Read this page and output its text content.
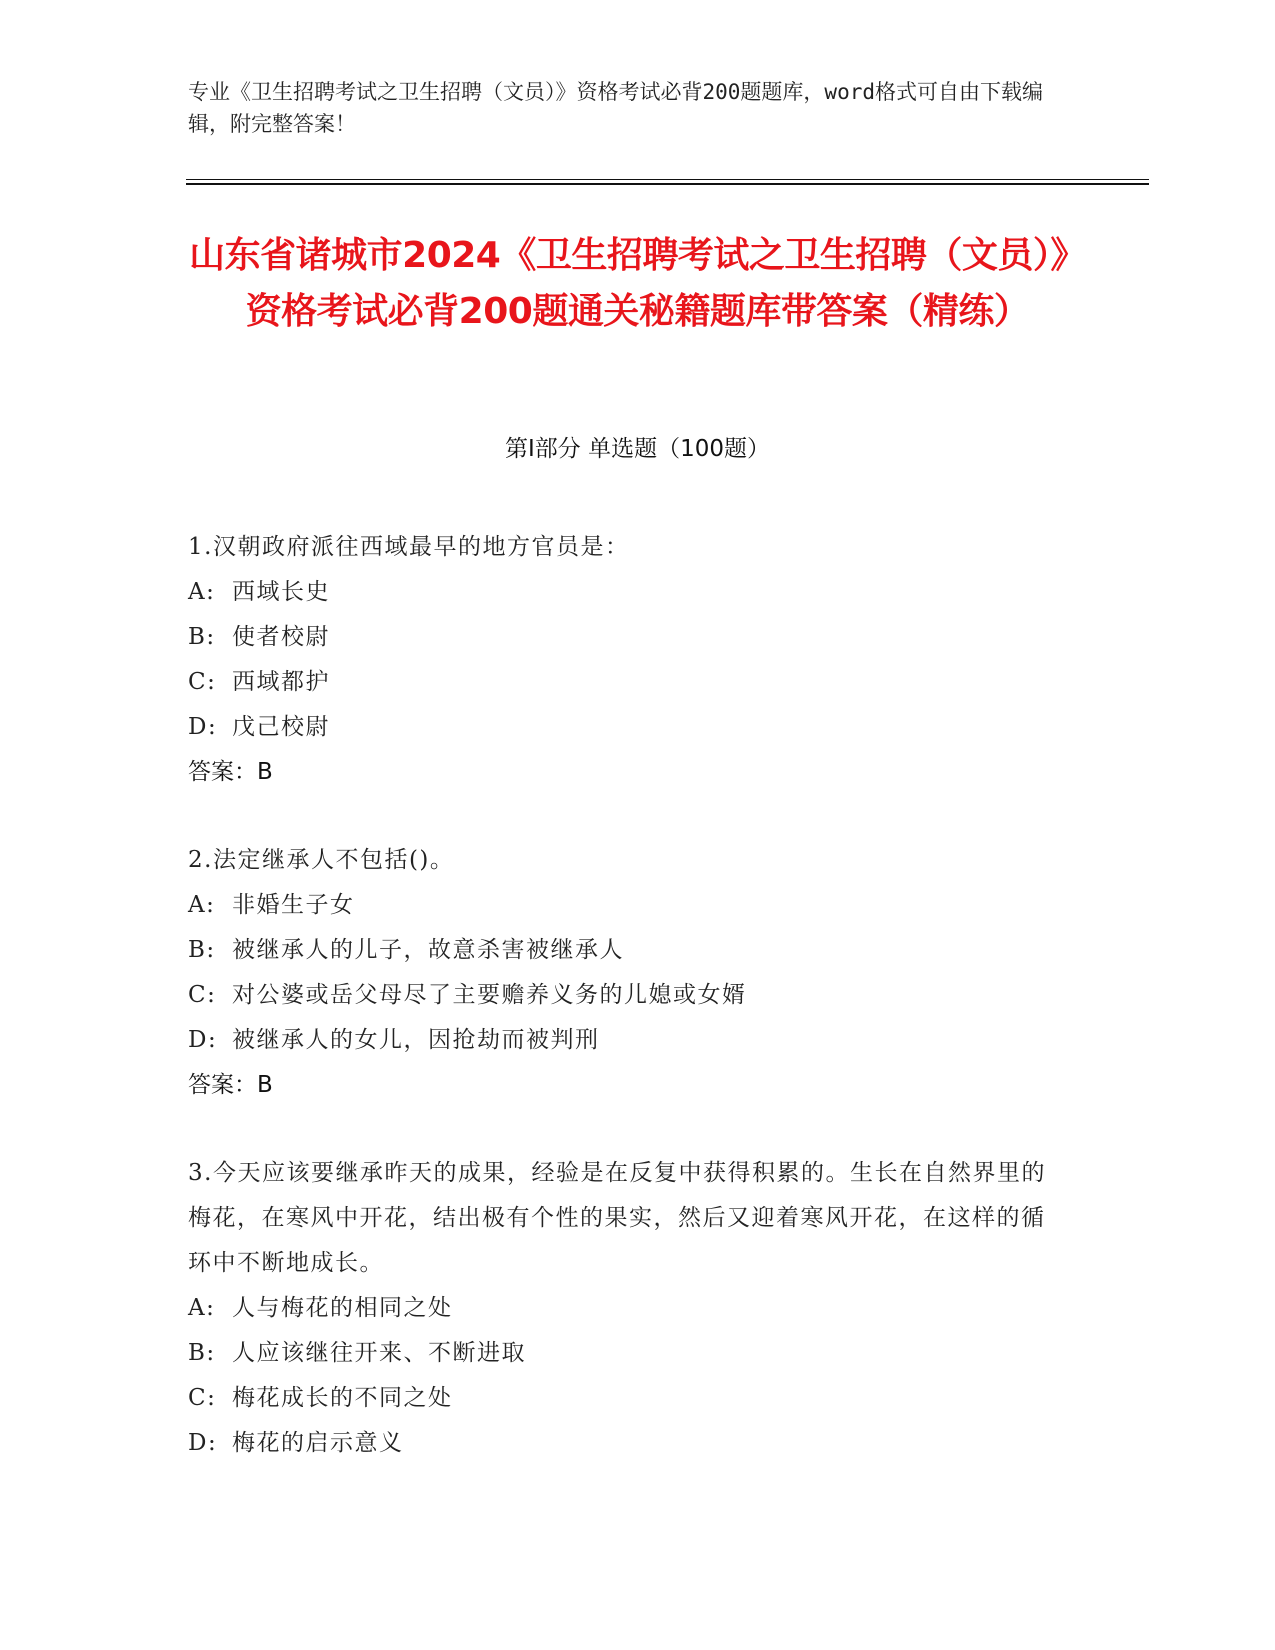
专业《卫生招聘考试之卫生招聘（文员）》资格考试必背200题题库，word格式可自由下载编辑，附完整答案！
山东省诸城市2024《卫生招聘考试之卫生招聘（文员）》资格考试必背200题通关秘籍题库带答案（精练）
第Ⅰ部分 单选题（100题）
1.汉朝政府派往西域最早的地方官员是：
A: 西域长史
B: 使者校尉
C: 西域都护
D: 戊己校尉
答案：B
2.法定继承人不包括()。
A: 非婚生子女
B: 被继承人的儿子，故意杀害被继承人
C: 对公婆或岳父母尽了主要赡养义务的儿媳或女婿
D: 被继承人的女儿，因抢劫而被判刑
答案：B
3.今天应该要继承昨天的成果，经验是在反复中获得积累的。生长在自然界里的梅花，在寒风中开花，结出极有个性的果实，然后又迎着寒风开花，在这样的循环中不断地成长。
A: 人与梅花的相同之处
B: 人应该继往开来、不断进取
C: 梅花成长的不同之处
D: 梅花的启示意义
